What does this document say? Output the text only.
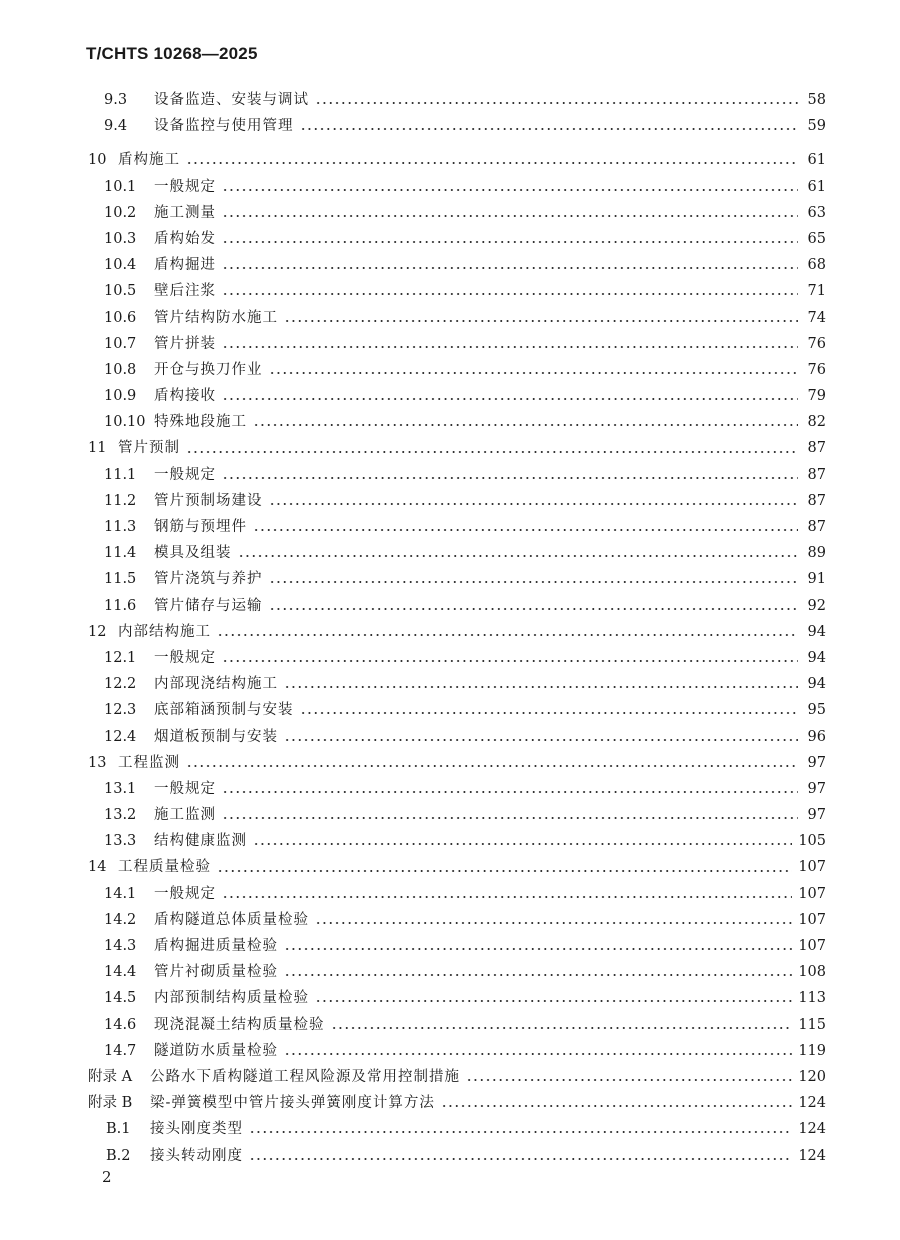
T/CHTS 10268—2025
9.3	设备监造、安装与调试	58
9.4	设备监控与使用管理	59
10 盾构施工	61
10.1	一般规定	61
10.2	施工测量	63
10.3	盾构始发	65
10.4	盾构掘进	68
10.5	壁后注浆	71
10.6	管片结构防水施工	74
10.7	管片拼装	76
10.8	开仓与换刀作业	76
10.9	盾构接收	79
10.10 特殊地段施工	82
11 管片预制	87
11.1	一般规定	87
11.2	管片预制场建设	87
11.3	钢筋与预埋件	87
11.4	模具及组装	89
11.5	管片浇筑与养护	91
11.6	管片储存与运输	92
12 内部结构施工	94
12.1	一般规定	94
12.2	内部现浇结构施工	94
12.3	底部箱涵预制与安装	95
12.4	烟道板预制与安装	96
13 工程监测	97
13.1	一般规定	97
13.2	施工监测	97
13.3	结构健康监测	105
14 工程质量检验	107
14.1	一般规定	107
14.2	盾构隧道总体质量检验	107
14.3	盾构掘进质量检验	107
14.4	管片衬砌质量检验	108
14.5	内部预制结构质量检验	113
14.6	现浇混凝土结构质量检验	115
14.7	隧道防水质量检验	119
附录 A	公路水下盾构隧道工程风险源及常用控制措施	120
附录 B	梁-弹簧模型中管片接头弹簧刚度计算方法	124
B.1	接头刚度类型	124
B.2	接头转动刚度	124
2
